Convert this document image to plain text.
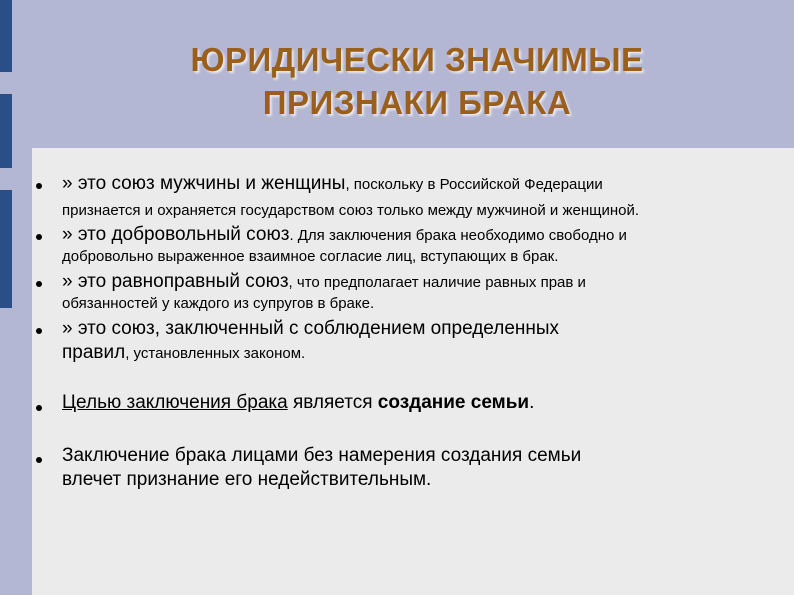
ЮРИДИЧЕСКИ ЗНАЧИМЫЕ
ПРИЗНАКИ БРАКА
» это союз мужчины и женщины, поскольку в Российской Федерации
признается и охраняется государством союз только между мужчиной и женщиной.
» это добровольный союз. Для заключения брака необходимо свободно и
добровольно выраженное взаимное согласие лиц, вступающих в брак.
» это равноправный союз, что предполагает наличие равных прав и
обязанностей у каждого из супругов в браке.
» это союз, заключенный с соблюдением определенных
правил, установленных законом.
Целью заключения брака является создание семьи.
Заключение брака лицами без намерения создания семьи
влечет признание его недействительным.
